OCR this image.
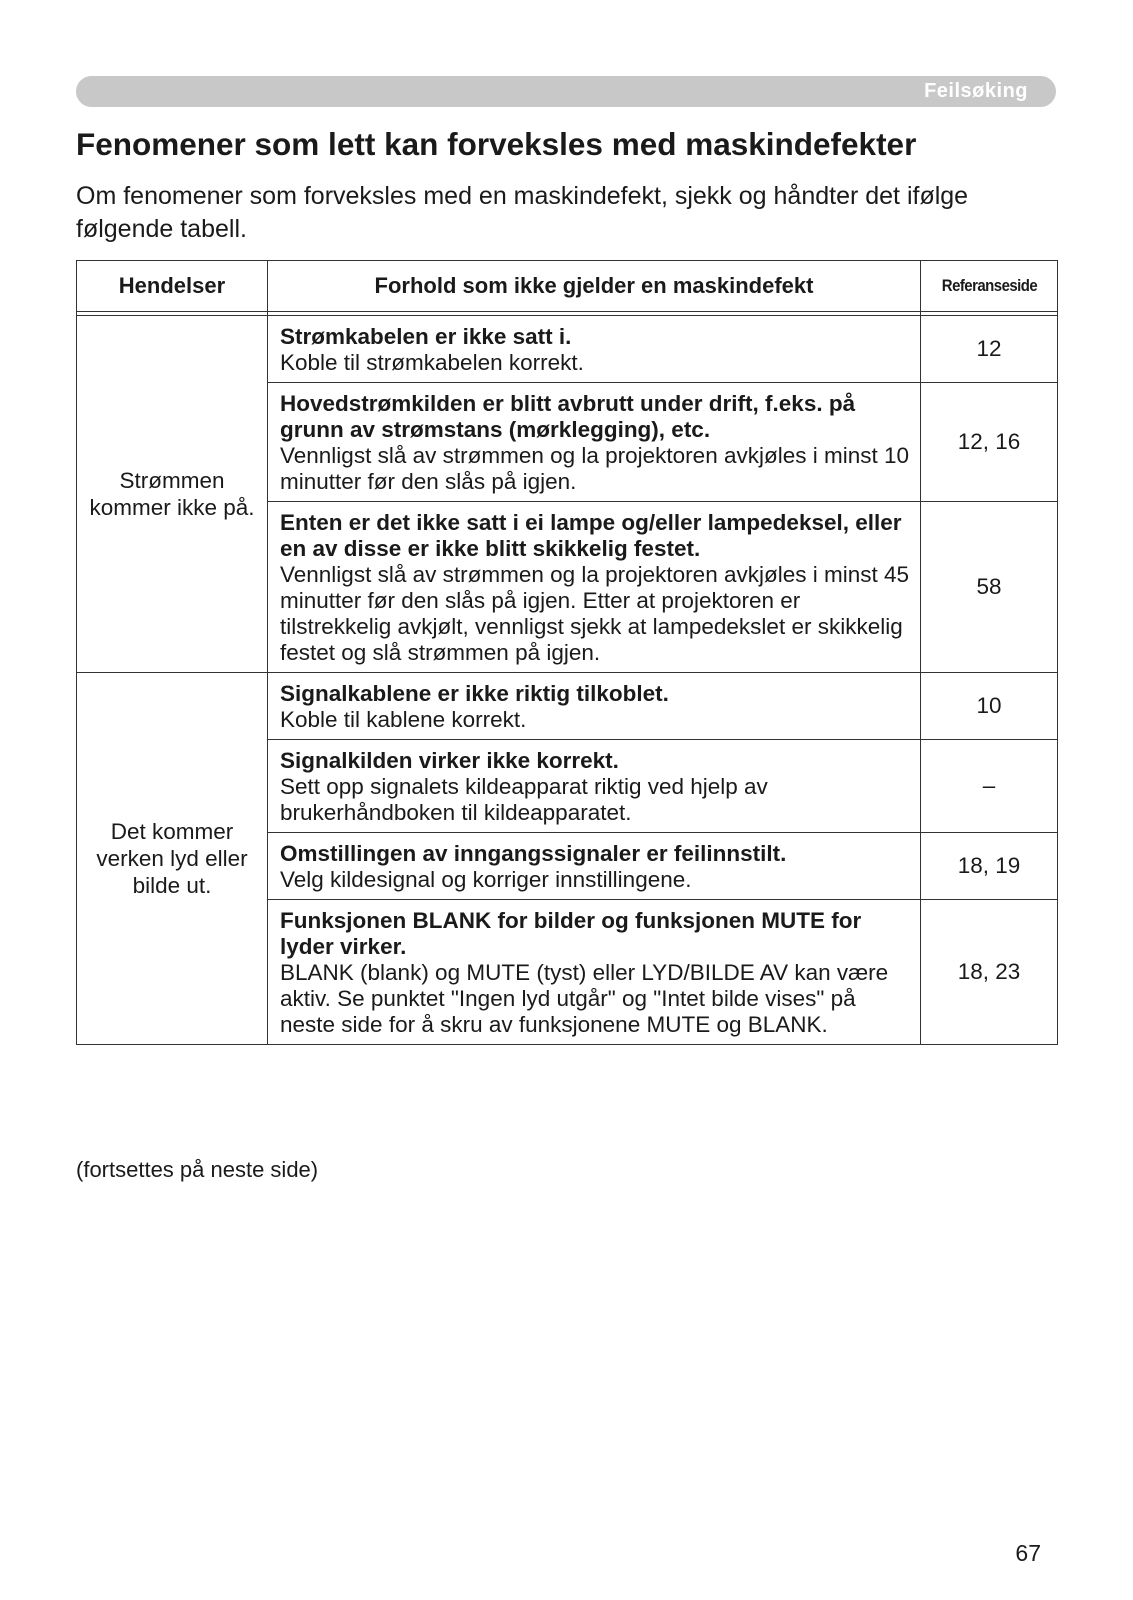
Feilsøking
Fenomener som lett kan forveksles med maskindefekter

Om fenomener som forveksles med en maskindefekt, sjekk og håndter det ifølge følgende tabell.

Hendelser	Forhold som ikke gjelder en maskindefekt	Referanseside

Strømmen kommer ikke på.	Strømkabelen er ikke satt i.
Koble til strømkabelen korrekt.	12

	Hovedstrømkilden er blitt avbrutt under drift, f.eks. på grunn av strømstans (mørklegging), etc.
Vennligst slå av strømmen og la projektoren avkjøles i minst 10 minutter før den slås på igjen.	12, 16

	Enten er det ikke satt i ei lampe og/eller lampedeksel, eller en av disse er ikke blitt skikkelig festet.
Vennligst slå av strømmen og la projektoren avkjøles i minst 45 minutter før den slås på igjen. Etter at projektoren er tilstrekkelig avkjølt, vennligst sjekk at lampedekslet er skikkelig festet og slå strømmen på igjen.	58
Det kommer verken lyd eller bilde ut.	Signalkablene er ikke riktig tilkoblet.
Koble til kablene korrekt.	10

	Signalkilden virker ikke korrekt.
Sett opp signalets kildeapparat riktig ved hjelp av brukerhåndboken til kildeapparatet.	–

	Omstillingen av inngangssignaler er feilinnstilt.
Velg kildesignal og korriger innstillingene.	18, 19

	Funksjonen BLANK for bilder og funksjonen MUTE for lyder virker.
BLANK (blank) og MUTE (tyst) eller LYD/BILDE AV kan være aktiv. Se punktet "Ingen lyd utgår" og "Intet bilde vises" på neste side for å skru av funksjonene MUTE og BLANK.	18, 23

(fortsettes på neste side)

67
